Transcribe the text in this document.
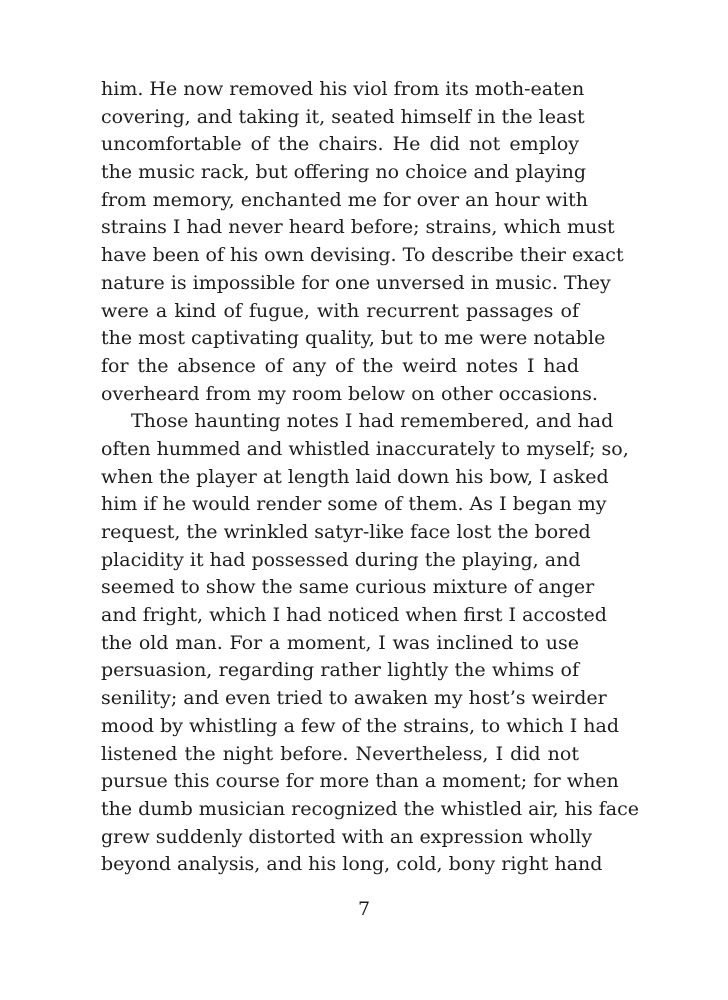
him. He now removed his viol from its moth-eaten
covering, and taking it, seated himself in the least
uncomfortable of the chairs. He did not employ
the music rack, but offering no choice and playing
from memory, enchanted me for over an hour with
strains I had never heard before; strains, which must
have been of his own devising. To describe their exact
nature is impossible for one unversed in music. They
were a kind of fugue, with recurrent passages of
the most captivating quality, but to me were notable
for the absence of any of the weird notes I had
overheard from my room below on other occasions.
Those haunting notes I had remembered, and had
often hummed and whistled inaccurately to myself; so,
when the player at length laid down his bow, I asked
him if he would render some of them. As I began my
request, the wrinkled satyr-like face lost the bored
placidity it had possessed during the playing, and
seemed to show the same curious mixture of anger
and fright, which I had noticed when first I accosted
the old man. For a moment, I was inclined to use
persuasion, regarding rather lightly the whims of
senility; and even tried to awaken my host’s weirder
mood by whistling a few of the strains, to which I had
listened the night before. Nevertheless, I did not
pursue this course for more than a moment; for when
the dumb musician recognized the whistled air, his face
grew suddenly distorted with an expression wholly
beyond analysis, and his long, cold, bony right hand
7
